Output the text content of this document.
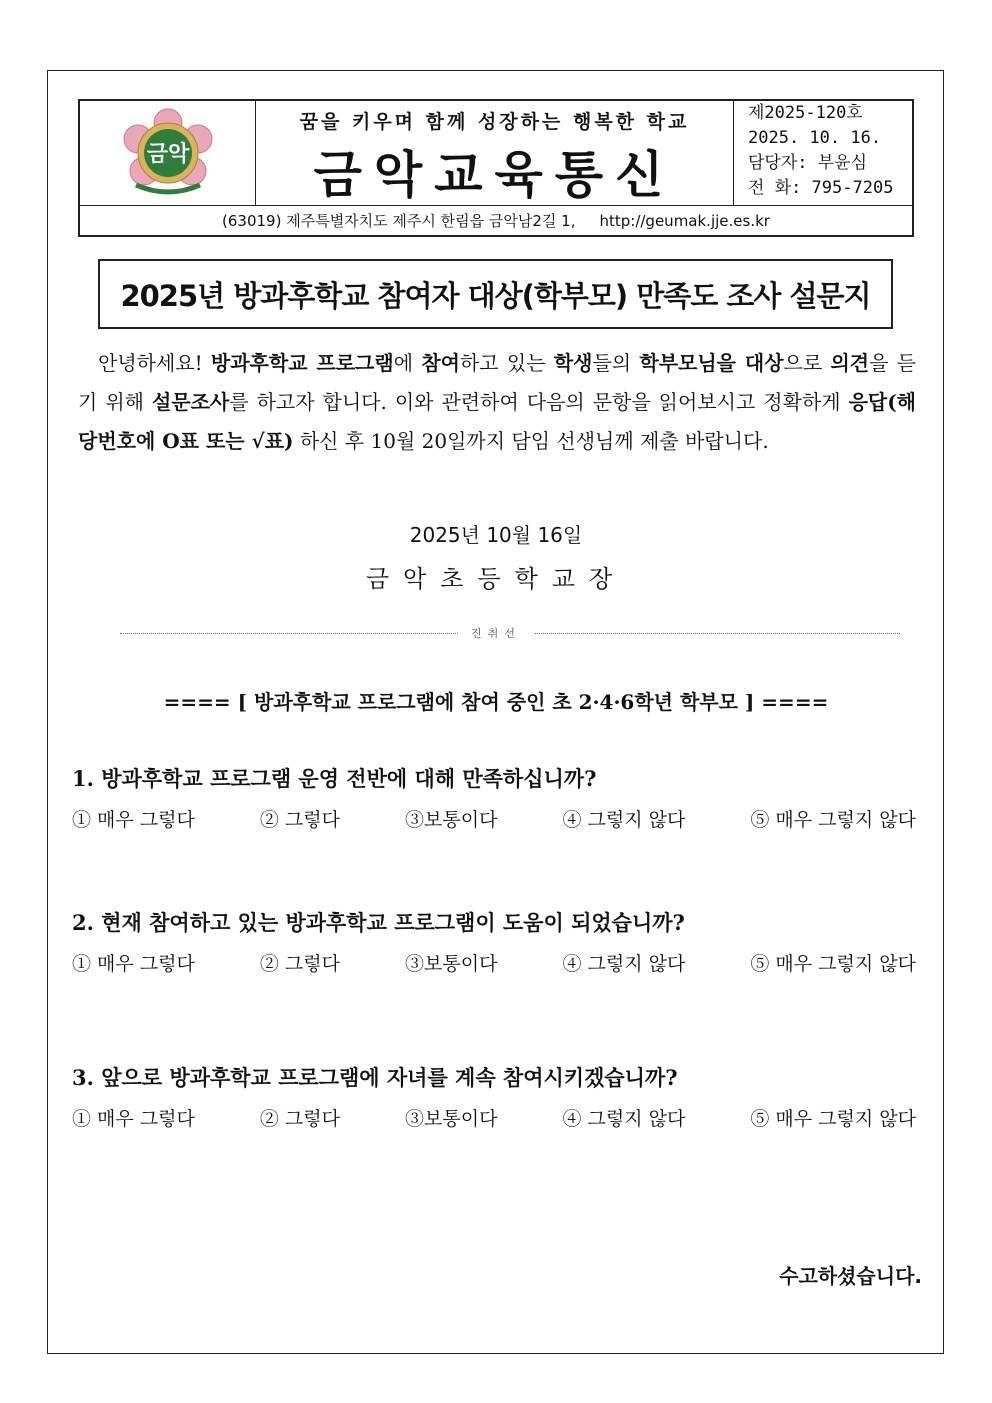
금악
꿈을 키우며 함께 성장하는 행복한 학교
금악교육통신
제2025-120호
2025. 10. 16.
담당자: 부윤심
전 화: 795-7205
(63019) 제주특별자치도 제주시 한림읍 금악남2길 1, http://geumak.jje.es.kr
2025년 방과후학교 참여자 대상(학부모) 만족도 조사 설문지
안녕하세요! 방과후학교 프로그램에 참여하고 있는 학생들의 학부모님을 대상으로 의견을 듣기 위해 설문조사를 하고자 합니다. 이와 관련하여 다음의 문항을 읽어보시고 정확하게 응답(해당번호에 O표 또는 √표) 하신 후 10월 20일까지 담임 선생님께 제출 바랍니다.
2025년 10월 16일
금악초등학교장
진취선
==== [ 방과후학교 프로그램에 참여 중인 초 2·4·6학년 학부모 ] ====
1. 방과후학교 프로그램 운영 전반에 대해 만족하십니까?
① 매우 그렇다	② 그렇다	③보통이다	④ 그렇지 않다	⑤ 매우 그렇지 않다
2. 현재 참여하고 있는 방과후학교 프로그램이 도움이 되었습니까?
① 매우 그렇다	② 그렇다	③보통이다	④ 그렇지 않다	⑤ 매우 그렇지 않다
3. 앞으로 방과후학교 프로그램에 자녀를 계속 참여시키겠습니까?
① 매우 그렇다	② 그렇다	③보통이다	④ 그렇지 않다	⑤ 매우 그렇지 않다
수고하셨습니다.
